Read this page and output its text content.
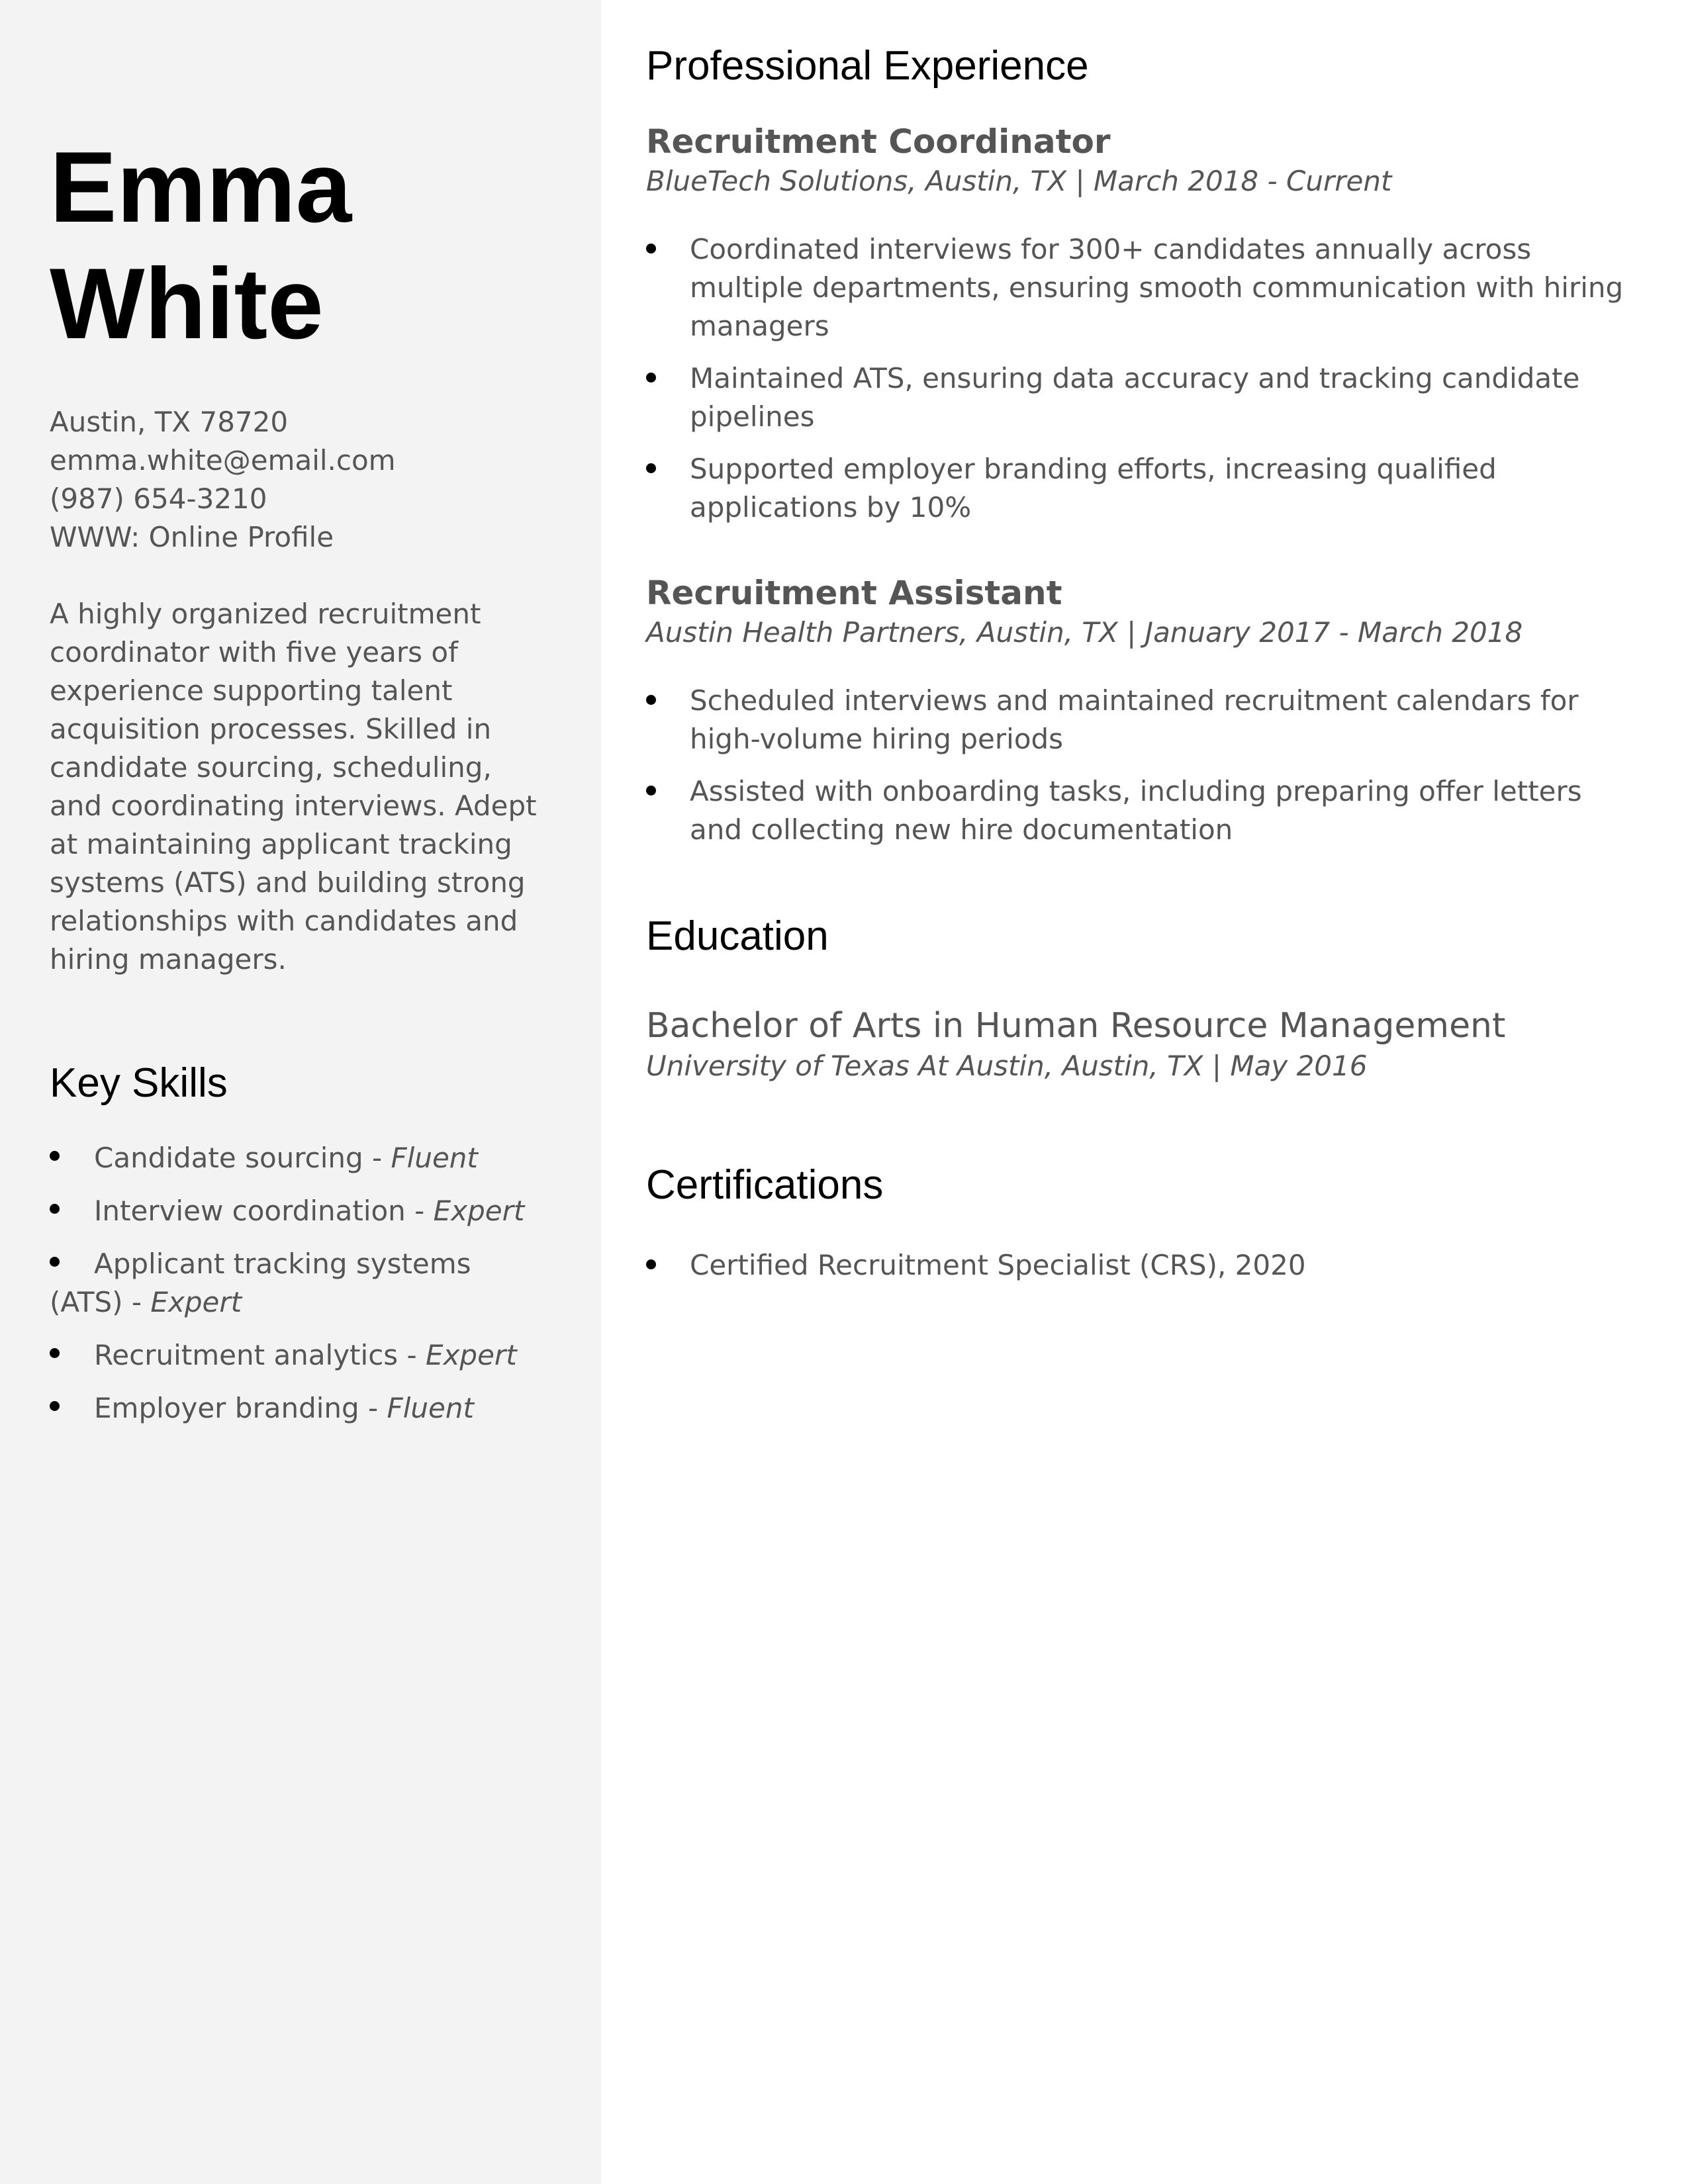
Emma
White
Austin, TX 78720
emma.white@email.com
(987) 654-3210
WWW: Online Profile

A highly organized recruitment coordinator with five years of experience supporting talent acquisition processes. Skilled in candidate sourcing, scheduling, and coordinating interviews. Adept at maintaining applicant tracking systems (ATS) and building strong relationships with candidates and hiring managers.

Key Skills
Candidate sourcing - Fluent
Interview coordination - Expert
Applicant tracking systems (ATS) - Expert
Recruitment analytics - Expert
Employer branding - Fluent
Professional Experience
Recruitment Coordinator
BlueTech Solutions, Austin, TX | March 2018 - Current
Coordinated interviews for 300+ candidates annually across multiple departments, ensuring smooth communication with hiring managers
Maintained ATS, ensuring data accuracy and tracking candidate pipelines
Supported employer branding efforts, increasing qualified applications by 10%
Recruitment Assistant
Austin Health Partners, Austin, TX | January 2017 - March 2018
Scheduled interviews and maintained recruitment calendars for high-volume hiring periods
Assisted with onboarding tasks, including preparing offer letters and collecting new hire documentation
Education
Bachelor of Arts in Human Resource Management
University of Texas At Austin, Austin, TX | May 2016
Certifications
Certified Recruitment Specialist (CRS), 2020
